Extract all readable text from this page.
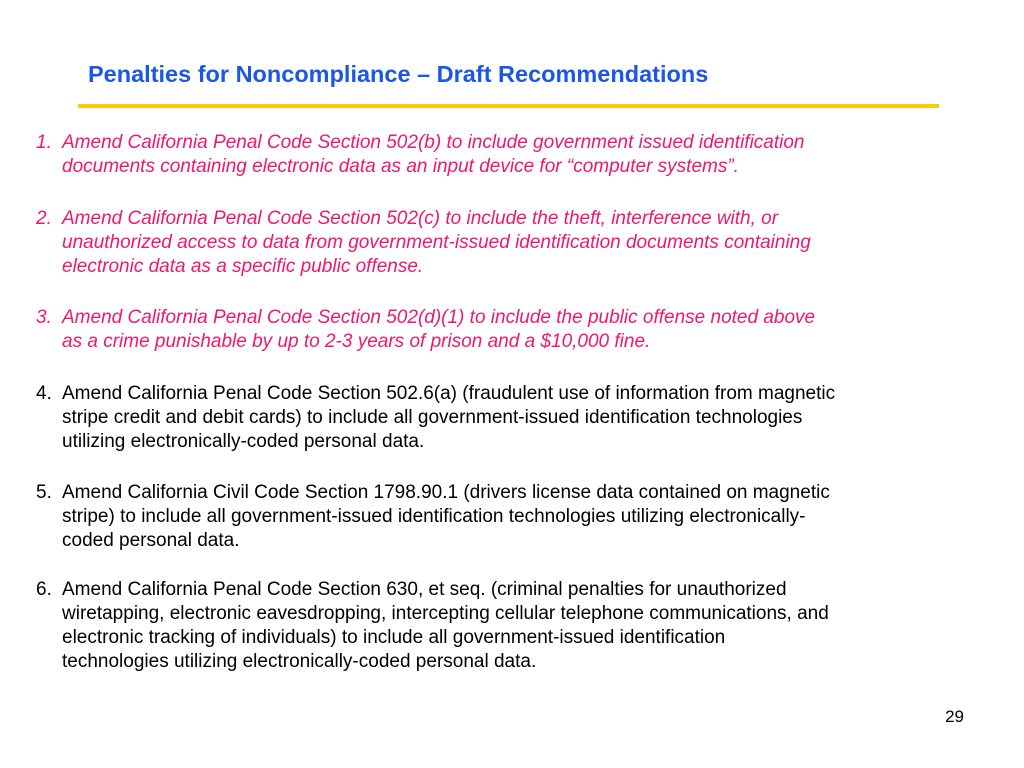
Penalties for Noncompliance – Draft Recommendations

1. Amend California Penal Code Section 502(b) to include government issued identification
documents containing electronic data as an input device for “computer systems”.

2. Amend California Penal Code Section 502(c) to include the theft, interference with, or
unauthorized access to data from government-issued identification documents containing
electronic data as a specific public offense.

3. Amend California Penal Code Section 502(d)(1) to include the public offense noted above
as a crime punishable by up to 2-3 years of prison and a $10,000 fine.

4. Amend California Penal Code Section 502.6(a) (fraudulent use of information from magnetic
stripe credit and debit cards) to include all government-issued identification technologies
utilizing electronically-coded personal data.

5. Amend California Civil Code Section 1798.90.1 (drivers license data contained on magnetic
stripe) to include all government-issued identification technologies utilizing electronically-
coded personal data.

6. Amend California Penal Code Section 630, et seq. (criminal penalties for unauthorized
wiretapping, electronic eavesdropping, intercepting cellular telephone communications, and
electronic tracking of individuals) to include all government-issued identification
technologies utilizing electronically-coded personal data.

29
